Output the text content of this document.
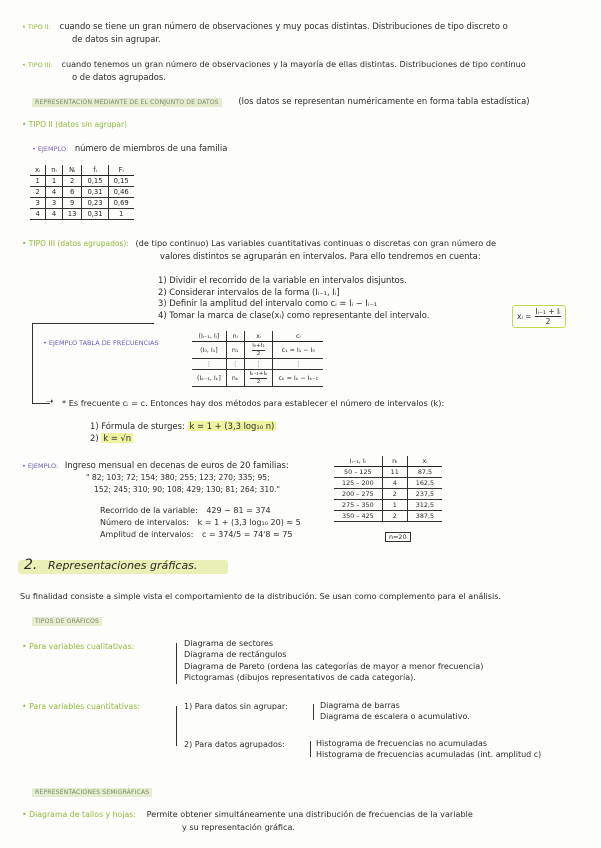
• TIPO II: cuando se tiene un gran número de observaciones y muy pocas distintas. Distribuciones de tipo discreto o
de datos sin agrupar.
• TIPO III: cuando tenemos un gran número de observaciones y la mayoría de ellas distintas. Distribuciones de tipo continuo
o de datos agrupados.
REPRESENTACIÓN MEDIANTE DE EL CONJUNTO DE DATOS (los datos se representan numéricamente en forma tabla estadística)
• TIPO II (datos sin agrupar)
• EJEMPLO: número de miembros de una familia
xᵢ	nᵢ	Nᵢ	fᵢ	Fᵢ
1	1	2	0,15	0,15
2	4	6	0,31	0,46
3	3	9	0,23	0,69
4	4	13	0,31	1
• TIPO III (datos agrupados): (de tipo continuo) Las variables cuantitativas continuas o discretas con gran número de
valores distintos se agruparán en intervalos. Para ello tendremos en cuenta:
1) Dividir el recorrido de la variable en intervalos disjuntos.
2) Considerar intervalos de la forma (Iᵢ₋₁, Iᵢ]
3) Definir la amplitud del intervalo como cᵢ = Iᵢ − Iᵢ₋₁
4) Tomar la marca de clase(xᵢ) como representante del intervalo.	xᵢ = $\frac{\text{Iᵢ₋₁ + Iᵢ}}{2}$
• EJEMPLO TABLA DE FRECUENCIAS
➝
(Iᵢ₋₁, Iᵢ]	nᵢ	xᵢ	cᵢ
(I₀, I₁]	n₁	$\frac{\text{I₀+I₁}}{2}$	c₁ = I₁ − I₀
⋮	⋮	⋮	⋮
(Iₖ₋₁, Iₖ]	nₖ	$\frac{\text{Iₖ₋₁+Iₖ}}{2}$	cₖ = Iₖ − Iₖ₋₁
* Es frecuente cᵢ = c. Entonces hay dos métodos para establecer el número de intervalos (k):
1) Fórmula de sturges: k = 1 + (3,3 log₁₀ n)
2) k = √n
• EJEMPLO: Ingreso mensual en decenas de euros de 20 familias:
" 82; 103; 72; 154; 380; 255; 123; 270; 335; 95;
152; 245; 310; 90; 108; 429; 130; 81; 264; 310."
Recorrido de la variable: 429 − 81 = 374
Número de intervalos: k = 1 + (3,3 log₁₀ 20) ≈ 5
Amplitud de intervalos: c = 374/5 = 74'8 ≈ 75
Iᵢ₋₁, Iᵢ	nᵢ	xᵢ
50 – 125	11	87,5
125 – 200	4	162,5
200 – 275	2	237,5
275 – 350	1	312,5
350 – 425	2	387,5
n=20
2. Representaciones gráficas.
Su finalidad consiste a simple vista el comportamiento de la distribución. Se usan como complemento para el análisis.
TIPOS DE GRÁFICOS
• Para variables cualitativas:	Diagrama de sectores
Diagrama de rectángulos
Diagrama de Pareto (ordena las categorías de mayor a menor frecuencia)
Pictogramas (dibujos representativos de cada categoría).
• Para variables cuantitativas:	1) Para datos sin agrupar:	Diagrama de barras
Diagrama de escalera o acumulativo.
2) Para datos agrupados:	Histograma de frecuencias no acumuladas
Histograma de frecuencias acumuladas (int. amplitud c)
REPRESENTACIONES SEMIGRÁFICAS
• Diagrama de tallos y hojas: Permite obtener simultáneamente una distribución de frecuencias de la variable
y su representación gráfica.
